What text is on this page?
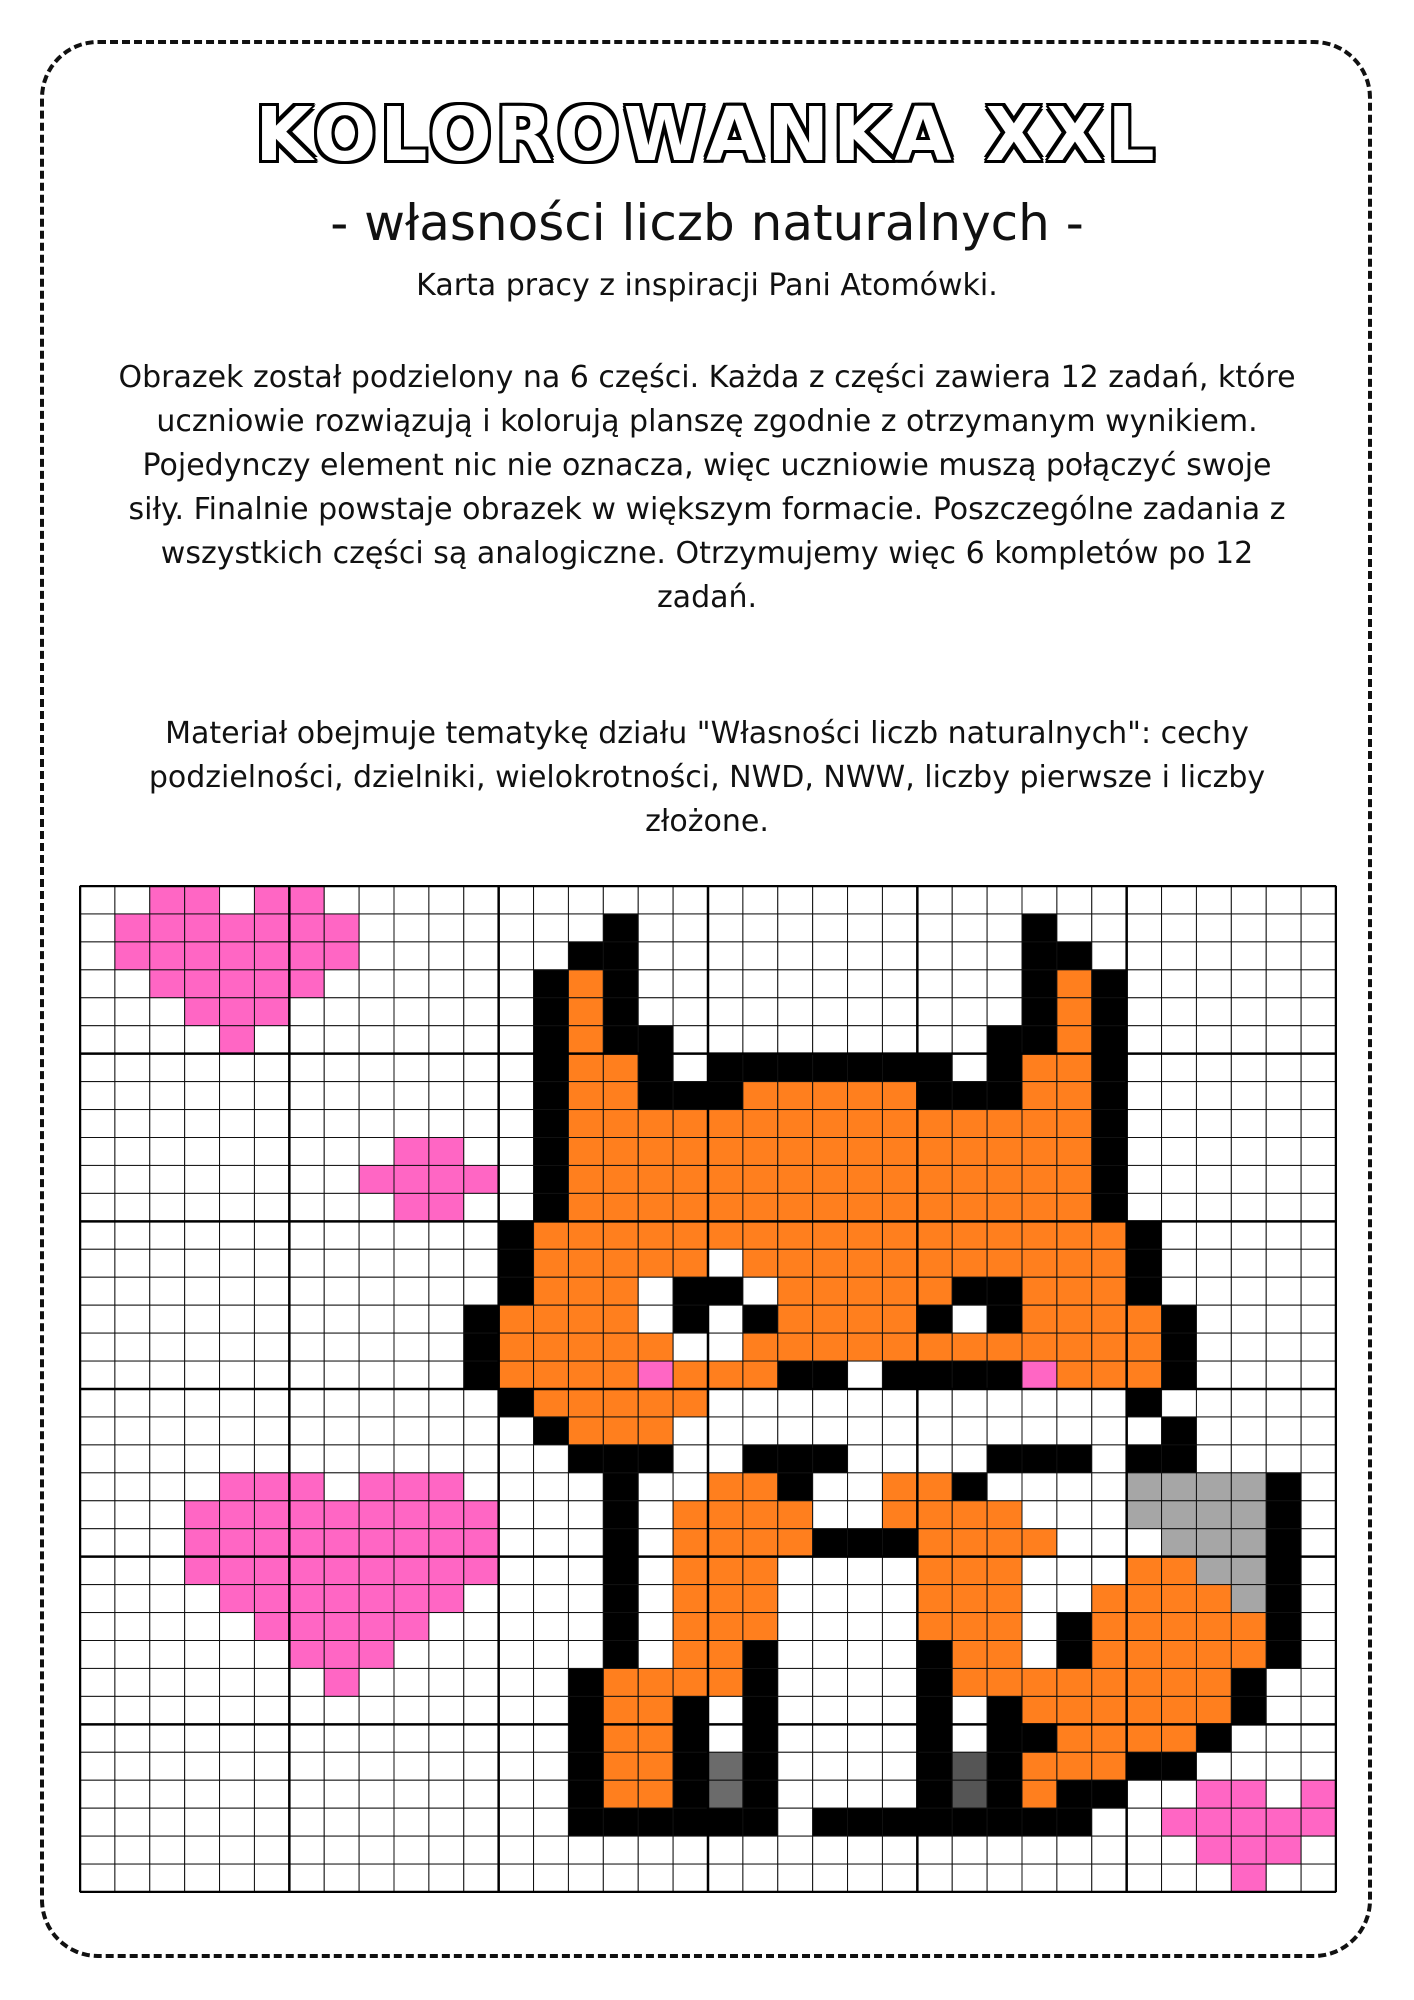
KOLOROWANKA XXL
- własności liczb naturalnych -
Karta pracy z inspiracji Pani Atomówki.

Obrazek został podzielony na 6 części. Każda z części zawiera 12 zadań, które uczniowie rozwiązują i kolorują planszę zgodnie z otrzymanym wynikiem. Pojedynczy element nic nie oznacza, więc uczniowie muszą połączyć swoje siły. Finalnie powstaje obrazek w większym formacie. Poszczególne zadania z wszystkich części są analogiczne. Otrzymujemy więc 6 kompletów po 12 zadań.

Materiał obejmuje tematykę działu "Własności liczb naturalnych": cechy podzielności, dzielniki, wielokrotności, NWD, NWW, liczby pierwsze i liczby złożone.
